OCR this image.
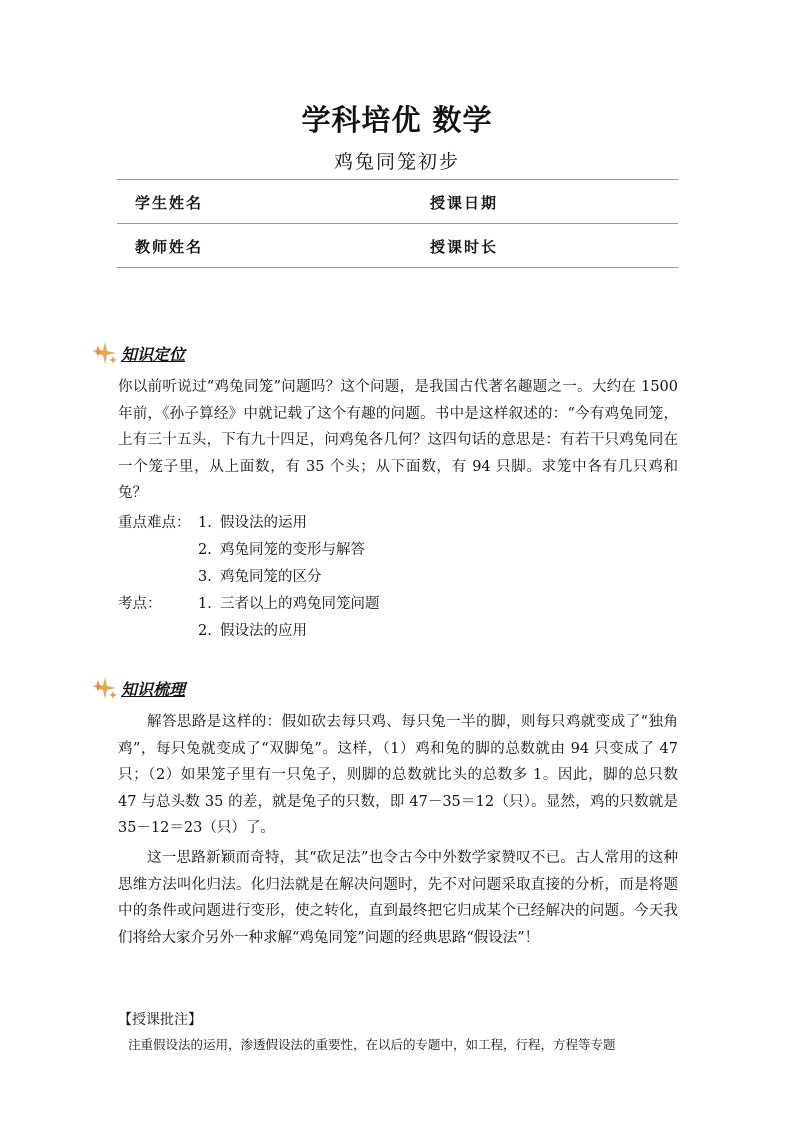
学科培优 数学
鸡兔同笼初步
学生姓名	授课日期
教师姓名	授课时长
知识定位
你以前听说过“鸡兔同笼”问题吗？这个问题，是我国古代著名趣题之一。大约在 1500 年前，《孙子算经》中就记载了这个有趣的问题。书中是这样叙述的：“今有鸡兔同笼，上有三十五头，下有九十四足，问鸡兔各几何？这四句话的意思是：有若干只鸡兔同在一个笼子里，从上面数，有 35 个头；从下面数，有 94 只脚。求笼中各有几只鸡和兔？
重点难点： 1. 假设法的运用
2. 鸡兔同笼的变形与解答
3. 鸡兔同笼的区分
考点：	1. 三者以上的鸡兔同笼问题
2. 假设法的应用
知识梳理
解答思路是这样的：假如砍去每只鸡、每只兔一半的脚，则每只鸡就变成了“独角鸡”，每只兔就变成了“双脚兔”。这样，（1）鸡和兔的脚的总数就由 94 只变成了 47 只；（2）如果笼子里有一只兔子，则脚的总数就比头的总数多 1。因此，脚的总只数 47 与总头数 35 的差，就是兔子的只数，即 47－35＝12（只）。显然，鸡的只数就是 35－12＝23（只）了。
这一思路新颖而奇特，其“砍足法”也令古今中外数学家赞叹不已。古人常用的这种思维方法叫化归法。化归法就是在解决问题时，先不对问题采取直接的分析，而是将题中的条件或问题进行变形，使之转化，直到最终把它归成某个已经解决的问题。今天我们将给大家介另外一种求解“鸡兔同笼”问题的经典思路“假设法”！
【授课批注】
注重假设法的运用，渗透假设法的重要性，在以后的专题中，如工程，行程，方程等专题
